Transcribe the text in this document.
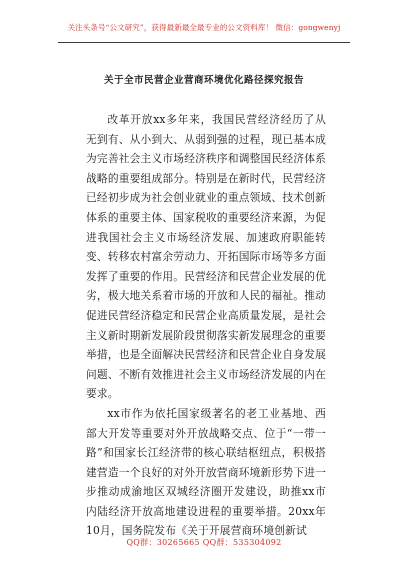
关注头条号“公文研究”，获得最新最全最专业的公文资料库！ 微信：gongwenyj
关于全市民营企业营商环境优化路径探究报告

改革开放xx多年来，我国民营经济经历了从无到有、从小到大、从弱到强的过程，现已基本成为完善社会主义市场经济秩序和调整国民经济体系战略的重要组成部分。特别是在新时代，民营经济已经初步成为社会创业就业的重点领域、技术创新体系的重要主体、国家税收的重要经济来源，为促进我国社会主义市场经济发展、加速政府职能转变、转移农村富余劳动力、开拓国际市场等多方面发挥了重要的作用。民营经济和民营企业发展的优劣，极大地关系着市场的开放和人民的福祉。推动促进民营经济稳定和民营企业高质量发展，是社会主义新时期新发展阶段贯彻落实新发展理念的重要举措，也是全面解决民营经济和民营企业自身发展问题、不断有效推进社会主义市场经济发展的内在要求。

xx市作为依托国家级著名的老工业基地、西部大开发等重要对外开放战略交点、位于“一带一路”和国家长江经济带的核心联结枢纽点，积极搭建营造一个良好的对外开放营商环境新形势下进一步推动成渝地区双城经济圈开发建设，助推xx市内陆经济开放高地建设进程的重要举措。20xx年10月，国务院发布《关于开展营商环境创新试

QQ群：30265665 QQ群：535304092
